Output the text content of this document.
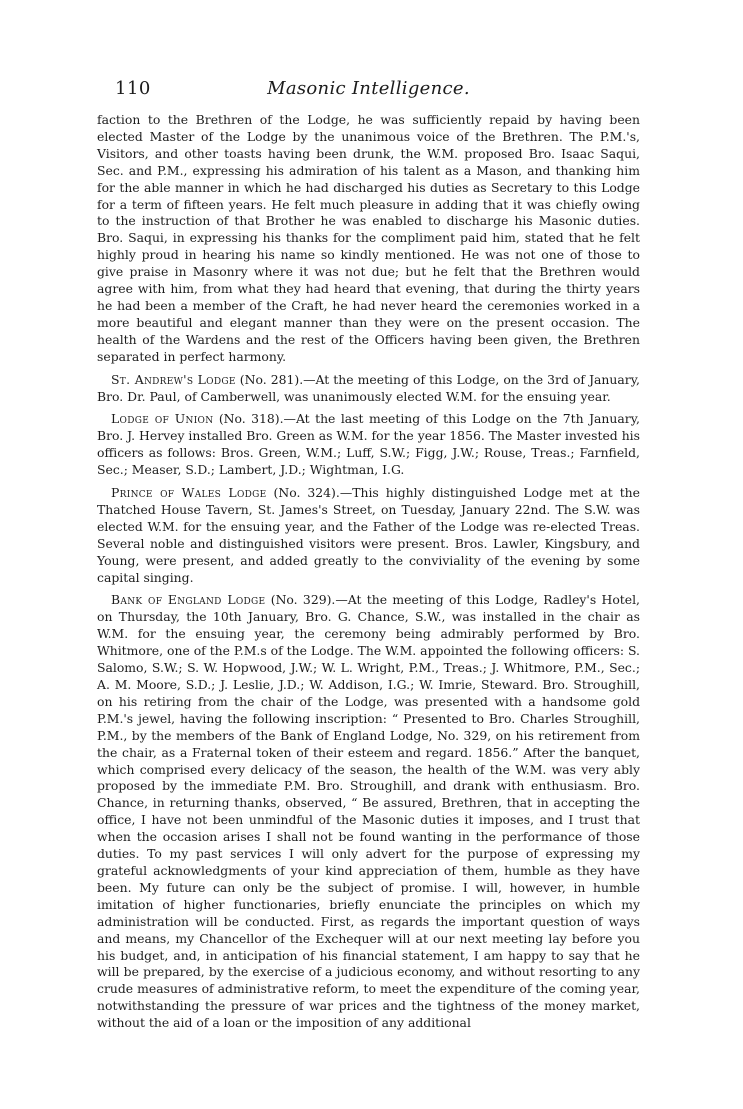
110	Masonic Intelligence.

faction to the Brethren of the Lodge, he was sufficiently repaid by having been elected Master of the Lodge by the unanimous voice of the Brethren. The P.M.'s, Visitors, and other toasts having been drunk, the W.M. proposed Bro. Isaac Saqui, Sec. and P.M., expressing his admiration of his talent as a Mason, and thanking him for the able manner in which he had discharged his duties as Secretary to this Lodge for a term of fifteen years. He felt much pleasure in adding that it was chiefly owing to the instruction of that Brother he was enabled to discharge his Masonic duties. Bro. Saqui, in expressing his thanks for the compliment paid him, stated that he felt highly proud in hearing his name so kindly mentioned. He was not one of those to give praise in Masonry where it was not due; but he felt that the Brethren would agree with him, from what they had heard that evening, that during the thirty years he had been a member of the Craft, he had never heard the ceremonies worked in a more beautiful and elegant manner than they were on the present occasion. The health of the Wardens and the rest of the Officers having been given, the Brethren separated in perfect harmony.

St. Andrew's Lodge (No. 281).—At the meeting of this Lodge, on the 3rd of January, Bro. Dr. Paul, of Camberwell, was unanimously elected W.M. for the ensuing year.

Lodge of Union (No. 318).—At the last meeting of this Lodge on the 7th January, Bro. J. Hervey installed Bro. Green as W.M. for the year 1856. The Master invested his officers as follows: Bros. Green, W.M.; Luff, S.W.; Figg, J.W.; Rouse, Treas.; Farnfield, Sec.; Measer, S.D.; Lambert, J.D.; Wightman, I.G.

Prince of Wales Lodge (No. 324).—This highly distinguished Lodge met at the Thatched House Tavern, St. James's Street, on Tuesday, January 22nd. The S.W. was elected W.M. for the ensuing year, and the Father of the Lodge was re-elected Treas. Several noble and distinguished visitors were present. Bros. Lawler, Kingsbury, and Young, were present, and added greatly to the conviviality of the evening by some capital singing.

Bank of England Lodge (No. 329).—At the meeting of this Lodge, Radley's Hotel, on Thursday, the 10th January, Bro. G. Chance, S.W., was installed in the chair as W.M. for the ensuing year, the ceremony being admirably performed by Bro. Whitmore, one of the P.M.s of the Lodge. The W.M. appointed the following officers: S. Salomo, S.W.; S. W. Hopwood, J.W.; W. L. Wright, P.M., Treas.; J. Whitmore, P.M., Sec.; A. M. Moore, S.D.; J. Leslie, J.D.; W. Addison, I.G.; W. Imrie, Steward. Bro. Stroughill, on his retiring from the chair of the Lodge, was presented with a handsome gold P.M.'s jewel, having the following inscription: “ Presented to Bro. Charles Stroughill, P.M., by the members of the Bank of England Lodge, No. 329, on his retirement from the chair, as a Fraternal token of their esteem and regard. 1856.” After the banquet, which comprised every delicacy of the season, the health of the W.M. was very ably proposed by the immediate P.M. Bro. Stroughill, and drank with enthusiasm. Bro. Chance, in returning thanks, observed, “ Be assured, Brethren, that in accepting the office, I have not been unmindful of the Masonic duties it imposes, and I trust that when the occasion arises I shall not be found wanting in the performance of those duties. To my past services I will only advert for the purpose of expressing my grateful acknowledgments of your kind appreciation of them, humble as they have been. My future can only be the subject of promise. I will, however, in humble imitation of higher functionaries, briefly enunciate the principles on which my administration will be conducted. First, as regards the important question of ways and means, my Chancellor of the Exchequer will at our next meeting lay before you his budget, and, in anticipation of his financial statement, I am happy to say that he will be prepared, by the exercise of a judicious economy, and without resorting to any crude measures of administrative reform, to meet the expenditure of the coming year, notwithstanding the pressure of war prices and the tightness of the money market, without the aid of a loan or the imposition of any additional
